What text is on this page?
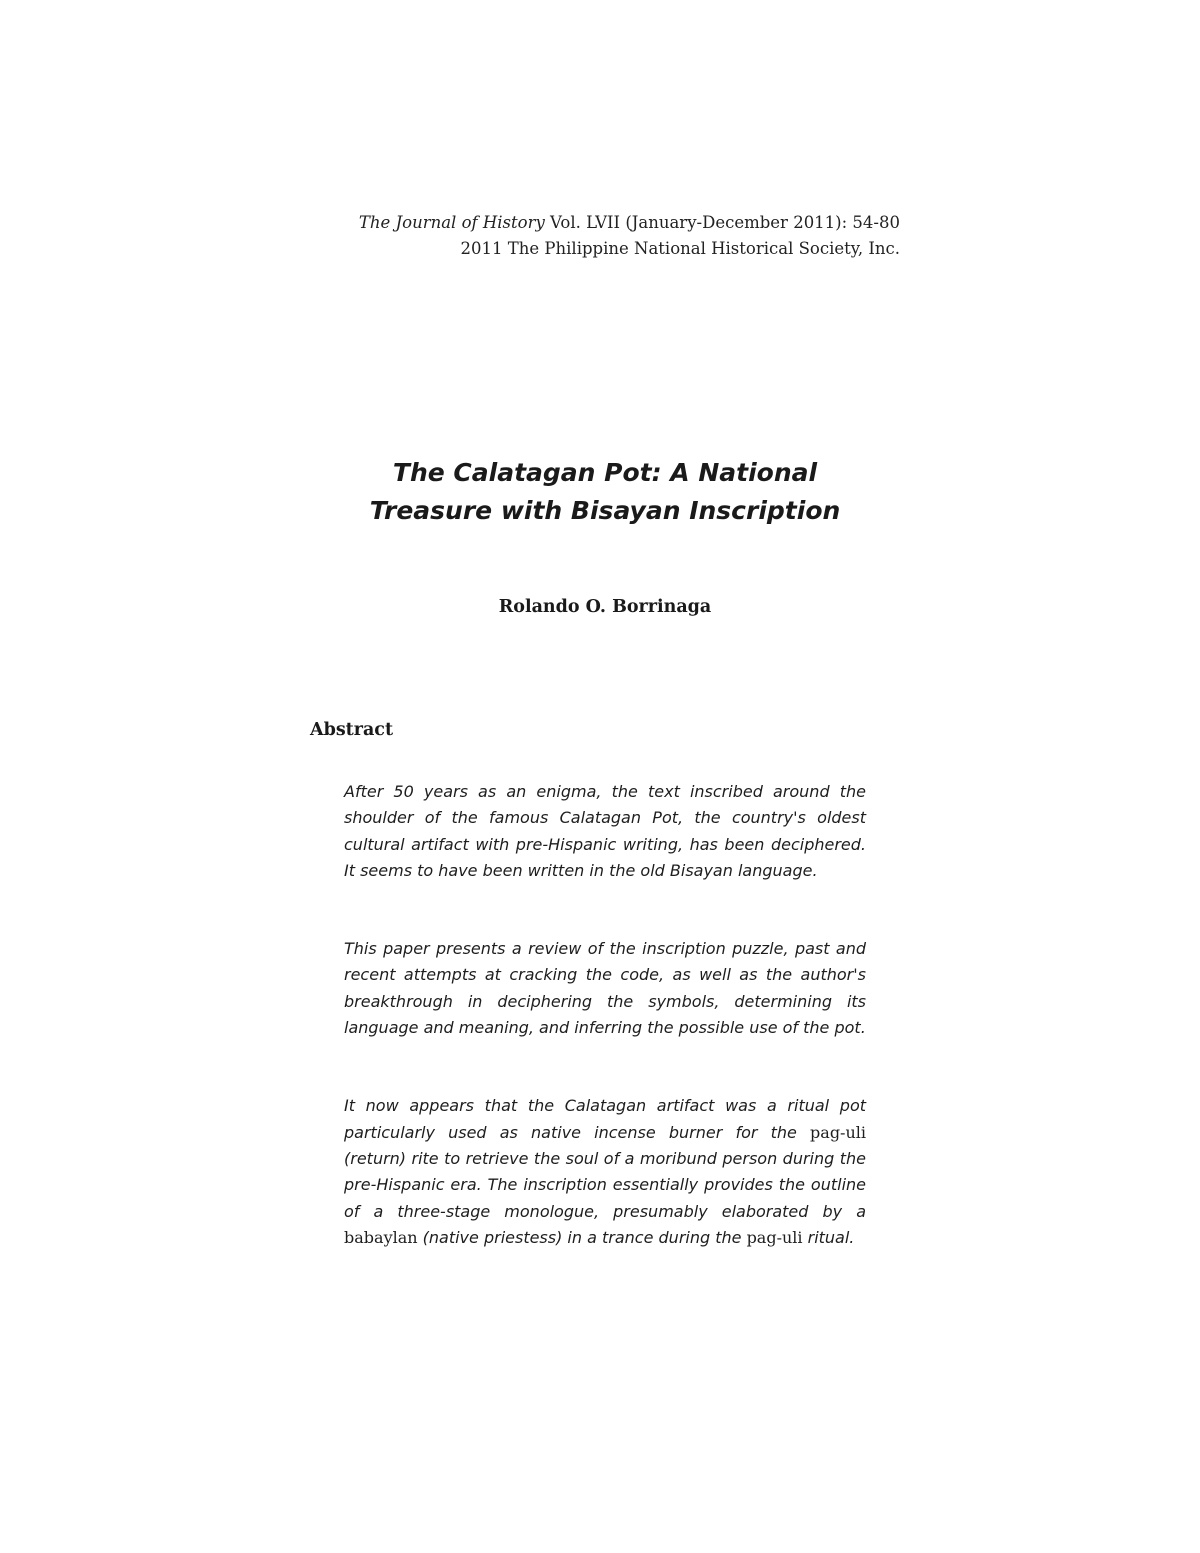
The Journal of History Vol. LVII (January-December 2011): 54-80
2011 The Philippine National Historical Society, Inc.
The Calatagan Pot: A National
Treasure with Bisayan Inscription
Rolando O. Borrinaga
Abstract

After 50 years as an enigma, the text inscribed around the shoulder of the famous Calatagan Pot, the country's oldest cultural artifact with pre-Hispanic writing, has been deciphered. It seems to have been written in the old Bisayan language.

This paper presents a review of the inscription puzzle, past and recent attempts at cracking the code, as well as the author's breakthrough in deciphering the symbols, determining its language and meaning, and inferring the possible use of the pot.

It now appears that the Calatagan artifact was a ritual pot particularly used as native incense burner for the pag-uli (return) rite to retrieve the soul of a moribund person during the pre-Hispanic era. The inscription essentially provides the outline of a three-stage monologue, presumably elaborated by a babaylan (native priestess) in a trance during the pag-uli ritual.
